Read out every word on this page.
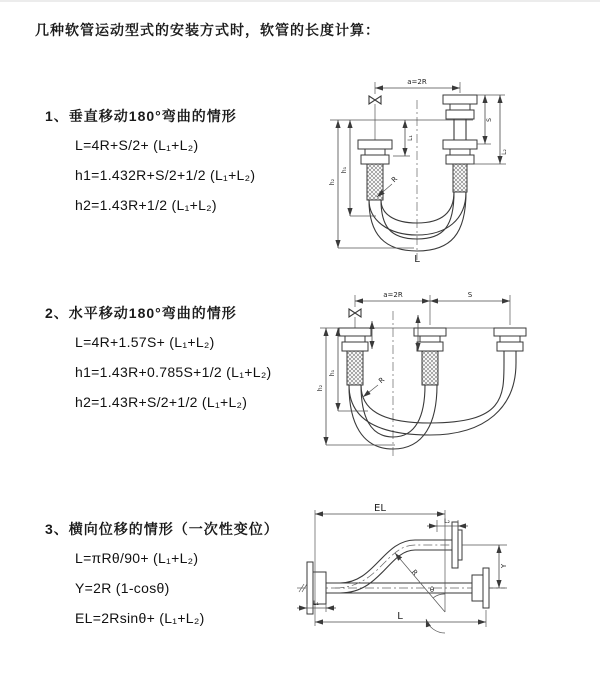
几种软管运动型式的安装方式时，软管的长度计算：
1、垂直移动180°弯曲的情形
L=4R+S/2+ (L₁+L₂)
h1=1.432R+S/2+1/2 (L₁+L₂)
h2=1.43R+1/2 (L₁+L₂)
2、水平移动180°弯曲的情形
L=4R+1.57S+ (L₁+L₂)
h1=1.43R+0.785S+1/2 (L₁+L₂)
h2=1.43R+S/2+1/2 (L₁+L₂)
3、横向位移的情形（一次性变位）
L=πRθ/90+ (L₁+L₂)
Y=2R (1-cosθ)
EL=2Rsinθ+ (L₁+L₂)
a=2R
h₂
h₁
L₁
S
L₂
R
L
a=2R	S
h₂
h₁
R
EL
L₂
R
θ
Y
L₁
L
